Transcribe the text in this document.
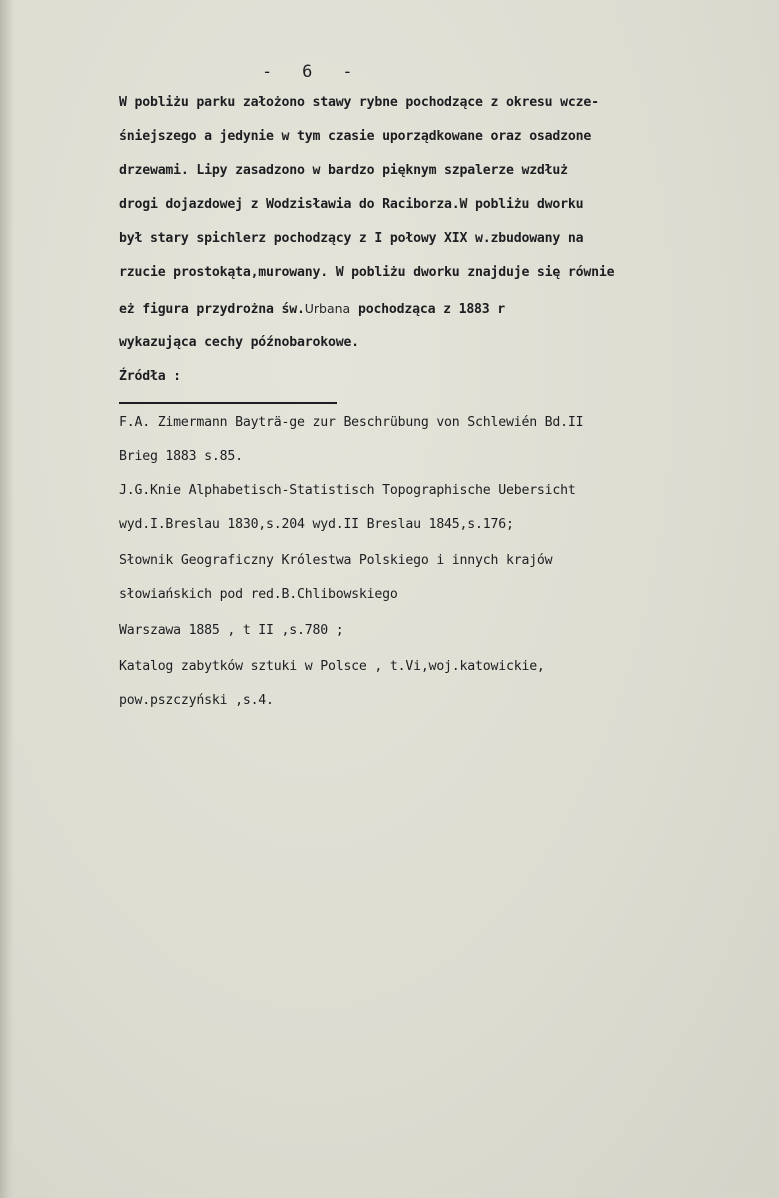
-   6   -
W pobliżu parku założono stawy rybne pochodzące z okresu wcze-
śniejszego a jedynie w tym czasie uporządkowane oraz osadzone
drzewami. Lipy zasadzono w bardzo pięknym szpalerze wzdłuż
drogi dojazdowej z Wodzisławia do Raciborza.W pobliżu dworku
był stary spichlerz pochodzący z I połowy XIX w.zbudowany na
rzucie prostokąta,murowany. W pobliżu dworku znajduje się równie
eż figura przydrożna św.Urbana pochodząca z 1883 r
wykazująca cechy późnobarokowe.
Źródła :
F.A. Zimermann Bayträ-ge zur Beschrübung von Schlewién Bd.II
Brieg 1883 s.85.
J.G.Knie Alphabetisch-Statistisch Topographische Uebersicht
wyd.I.Breslau 1830,s.204 wyd.II Breslau 1845,s.176;
Słownik Geograficzny Królestwa Polskiego i innych krajów
słowiańskich pod red.B.Chlibowskiego
Warszawa 1885 , t II ,s.780 ;
Katalog zabytków sztuki w Polsce , t.Vi,woj.katowickie,
pow.pszczyński ,s.4.
